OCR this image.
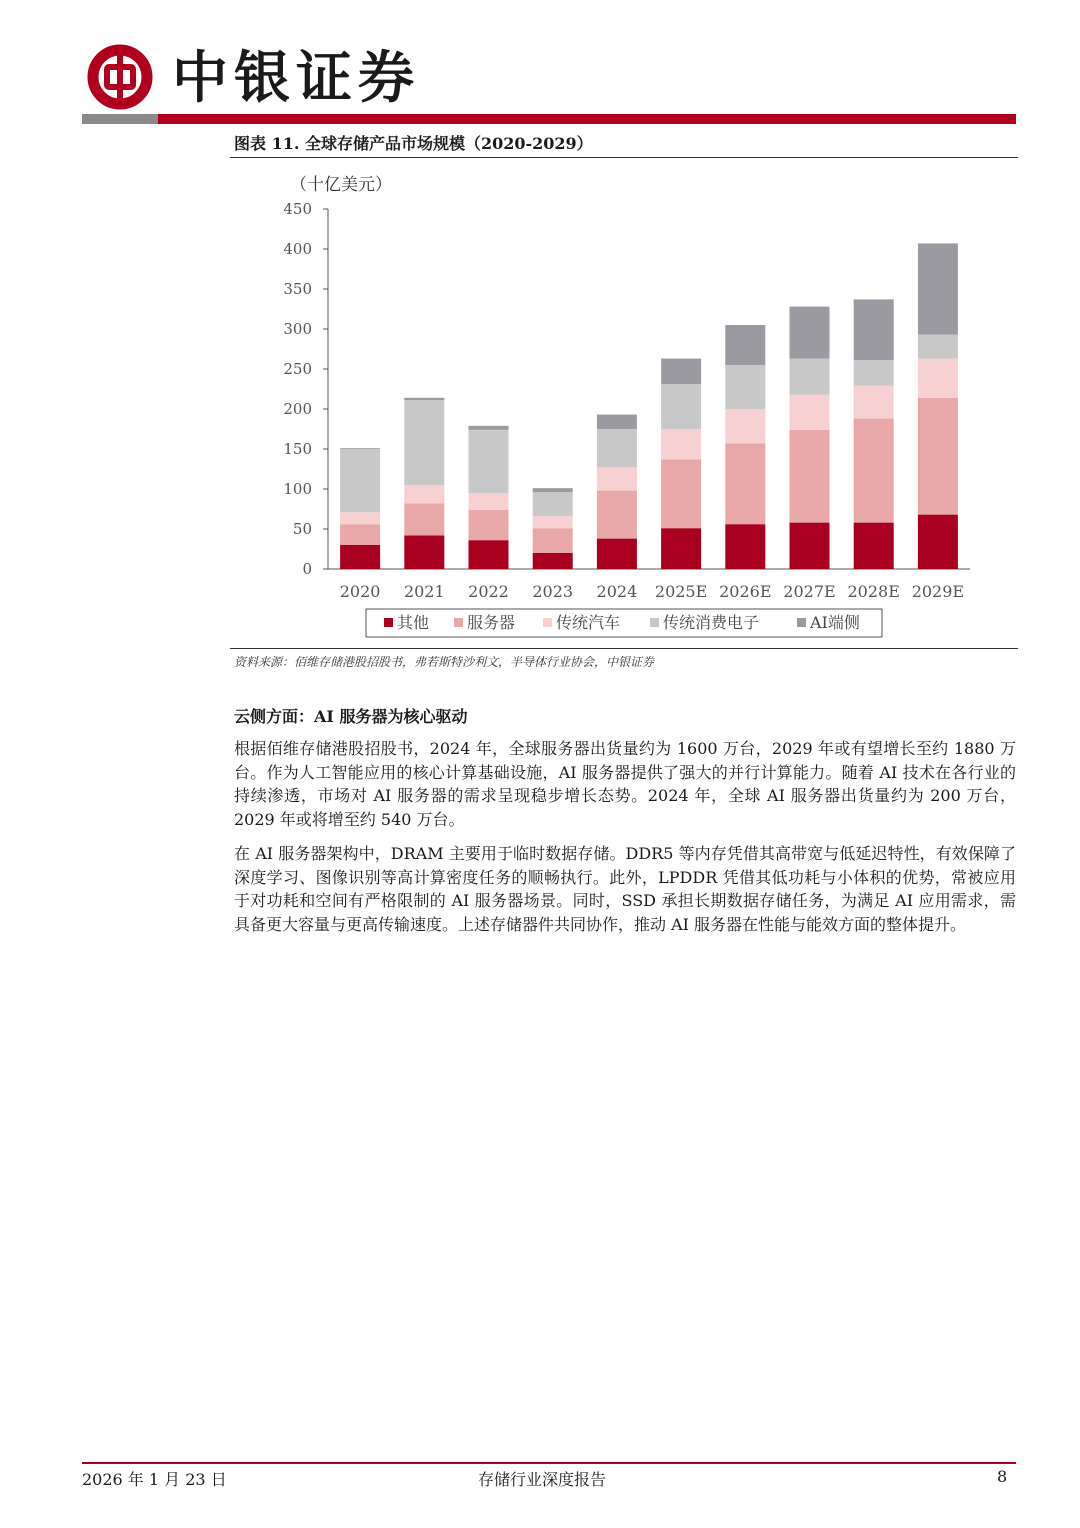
中银证券
图表 11. 全球存储产品市场规模（2020-2029）
（十亿美元）
0
50
100
150
200
250
300
350
400
450
2020 2021 2022 2023 2024 2025E 2026E 2027E 2028E 2029E
其他 服务器	传统汽车	传统消费电子	AI端侧
资料来源：佰维存储港股招股书，弗若斯特沙利文，半导体行业协会，中银证券
云侧方面：AI 服务器为核心驱动

根据佰维存储港股招股书，2024 年，全球服务器出货量约为 1600 万台，2029 年或有望增长至约 1880 万台。作为人工智能应用的核心计算基础设施，AI 服务器提供了强大的并行计算能力。随着 AI 技术在各行业的持续渗透，市场对 AI 服务器的需求呈现稳步增长态势。2024 年，全球 AI 服务器出货量约为 200 万台，2029 年或将增至约 540 万台。

在 AI 服务器架构中，DRAM 主要用于临时数据存储。DDR5 等内存凭借其高带宽与低延迟特性，有效保障了深度学习、图像识别等高计算密度任务的顺畅执行。此外，LPDDR 凭借其低功耗与小体积的优势，常被应用于对功耗和空间有严格限制的 AI 服务器场景。同时，SSD 承担长期数据存储任务，为满足 AI 应用需求，需具备更大容量与更高传输速度。上述存储器件共同协作，推动 AI 服务器在性能与能效方面的整体提升。

2026 年 1 月 23 日	存储行业深度报告	8
